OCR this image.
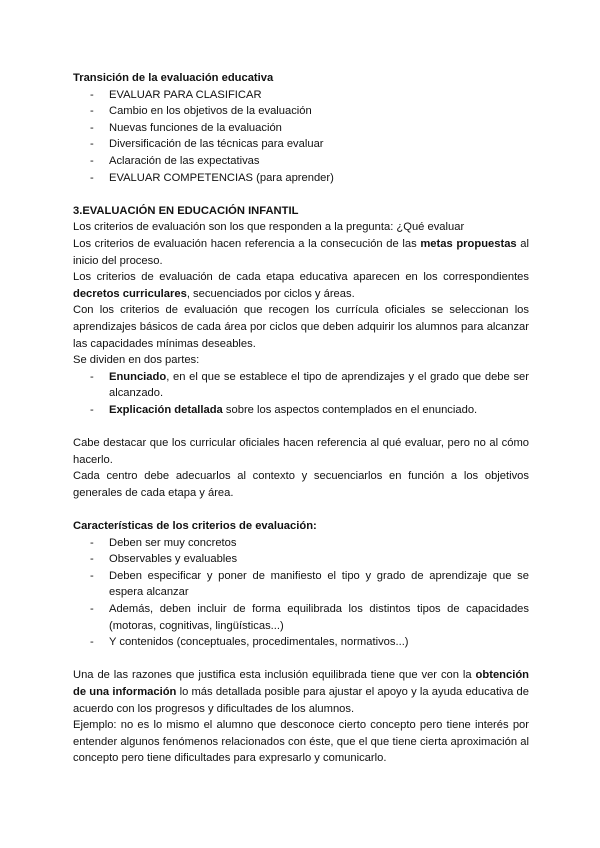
Transición de la evaluación educativa

- EVALUAR PARA CLASIFICAR
- Cambio en los objetivos de la evaluación
- Nuevas funciones de la evaluación
- Diversificación de las técnicas para evaluar
- Aclaración de las expectativas
- EVALUAR COMPETENCIAS (para aprender)

3.EVALUACIÓN EN EDUCACIÓN INFANTIL

Los criterios de evaluación son los que responden a la pregunta: ¿Qué evaluar

Los criterios de evaluación hacen referencia a la consecución de las metas propuestas al inicio del proceso.

Los criterios de evaluación de cada etapa educativa aparecen en los correspondientes decretos curriculares, secuenciados por ciclos y áreas.

Con los criterios de evaluación que recogen los currícula oficiales se seleccionan los aprendizajes básicos de cada área por ciclos que deben adquirir los alumnos para alcanzar las capacidades mínimas deseables.

Se dividen en dos partes:

- Enunciado, en el que se establece el tipo de aprendizajes y el grado que debe ser alcanzado.
- Explicación detallada sobre los aspectos contemplados en el enunciado.

Cabe destacar que los curricular oficiales hacen referencia al qué evaluar, pero no al cómo hacerlo.

Cada centro debe adecuarlos al contexto y secuenciarlos en función a los objetivos generales de cada etapa y área.

Características de los criterios de evaluación:

- Deben ser muy concretos
- Observables y evaluables
- Deben especificar y poner de manifiesto el tipo y grado de aprendizaje que se espera alcanzar
- Además, deben incluir de forma equilibrada los distintos tipos de capacidades (motoras, cognitivas, lingüísticas...)
- Y contenidos (conceptuales, procedimentales, normativos...)

Una de las razones que justifica esta inclusión equilibrada tiene que ver con la obtención de una información lo más detallada posible para ajustar el apoyo y la ayuda educativa de acuerdo con los progresos y dificultades de los alumnos.

Ejemplo: no es lo mismo el alumno que desconoce cierto concepto pero tiene interés por entender algunos fenómenos relacionados con éste, que el que tiene cierta aproximación al concepto pero tiene dificultades para expresarlo y comunicarlo.
